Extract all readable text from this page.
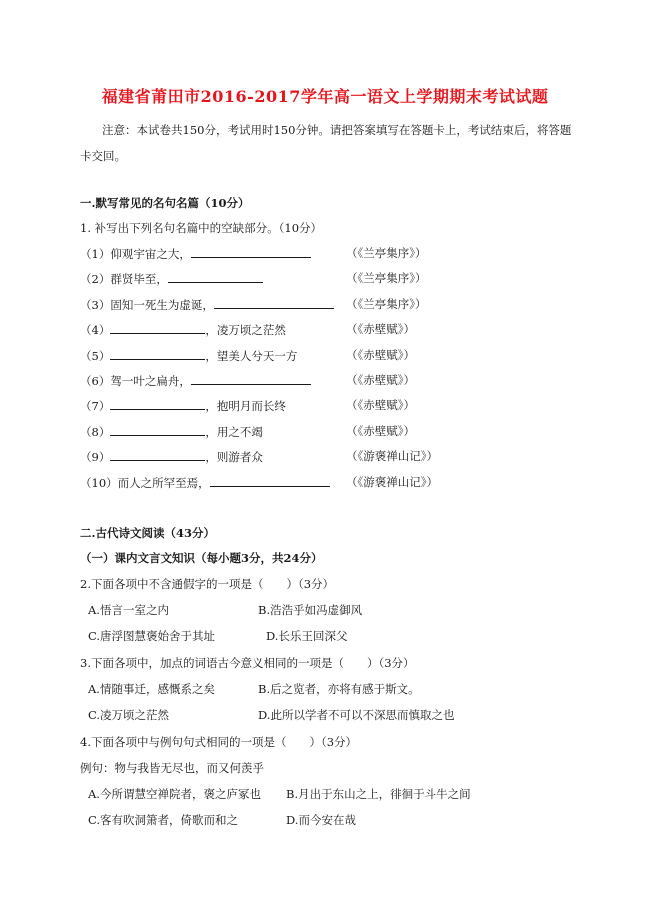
福建省莆田市2016-2017学年高一语文上学期期末考试试题
注意：本试卷共150分，考试用时150分钟。请把答案填写在答题卡上，考试结束后，将答题卡交回。
一.默写常见的名句名篇（10分）
1. 补写出下列名句名篇中的空缺部分。（10分）
（1）仰观宇宙之大，	（《兰亭集序》）
（2）群贤毕至，	（《兰亭集序》）
（3）固知一死生为虚诞，	（《兰亭集序》）
（4）	，凌万顷之茫然	（《赤壁赋》）
（5）	，望美人兮天一方	（《赤壁赋》）
（6）驾一叶之扁舟，	（《赤壁赋》）
（7）	，抱明月而长终	（《赤壁赋》）
（8）	，用之不竭	（《赤壁赋》）
（9）	，则游者众	（《游褒禅山记》）
（10）而人之所罕至焉，	（《游褒禅山记》）
二.古代诗文阅读（43分）
（一）课内文言文知识（每小题3分，共24分）
2.下面各项中不含通假字的一项是（　　）（3分）
A.悟言一室之内	B.浩浩乎如冯虚御风
C.唐浮图慧褒始舍于其址	D.长乐王回深父
3.下面各项中，加点的词语古今意义相同的一项是（　　）（3分）
A.情随事迁，感慨系之矣	B.后之览者，亦将有感于斯文。
C.凌万顷之茫然	D.此所以学者不可以不深思而慎取之也
4.下面各项中与例句句式相同的一项是（　　）（3分）
例句：物与我皆无尽也，而又何羡乎
A.今所谓慧空禅院者，褒之庐冢也 B.月出于东山之上，徘徊于斗牛之间
C.客有吹洞箫者，倚歌而和之	D.而今安在哉
